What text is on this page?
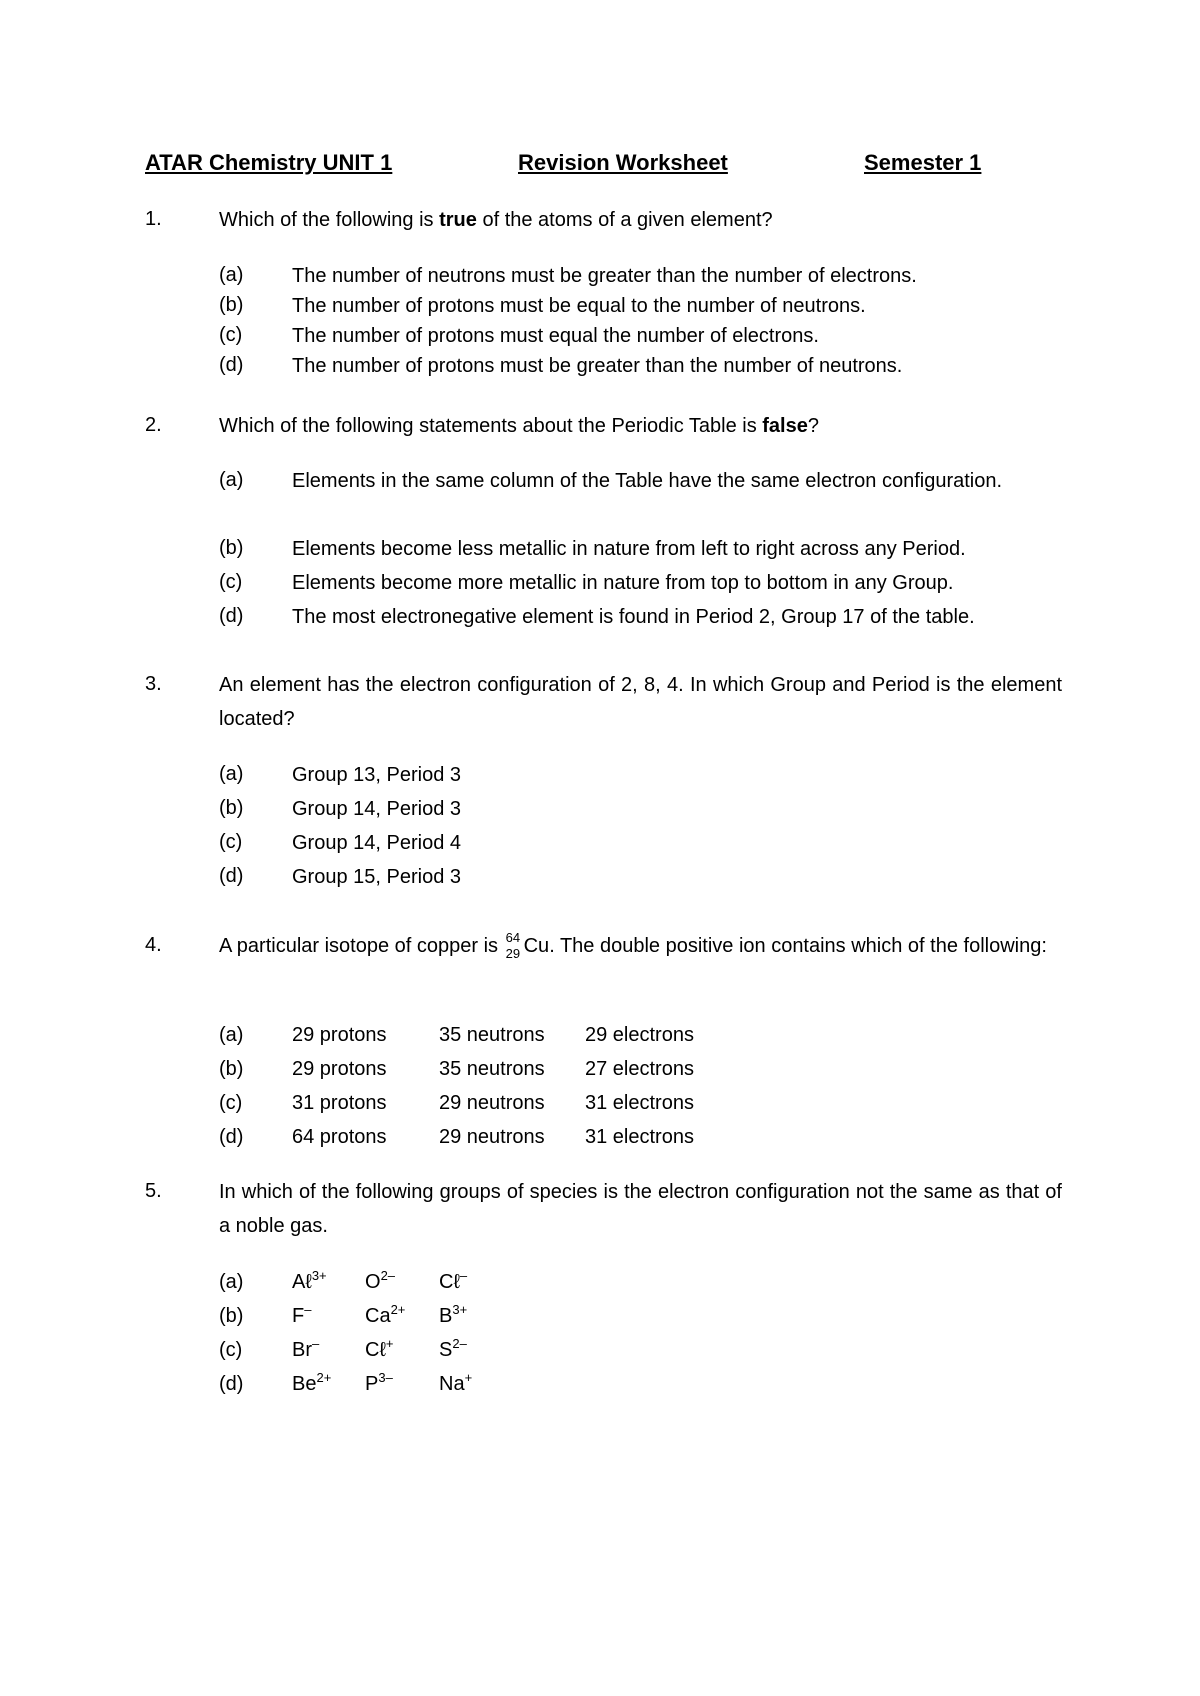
ATAR Chemistry UNIT 1	Revision Worksheet	Semester 1
1.	Which of the following is true of the atoms of a given element?
(a) The number of neutrons must be greater than the number of electrons.
(b) The number of protons must be equal to the number of neutrons.
(c) The number of protons must equal the number of electrons.
(d) The number of protons must be greater than the number of neutrons.
2.	Which of the following statements about the Periodic Table is false?
(a) Elements in the same column of the Table have the same electron configuration.
(b) Elements become less metallic in nature from left to right across any Period.
(c) Elements become more metallic in nature from top to bottom in any Group.
(d) The most electronegative element is found in Period 2, Group 17 of the table.
3.	An element has the electron configuration of 2, 8, 4. In which Group and Period is the element located?
(a) Group 13, Period 3
(b) Group 14, Period 3
(c) Group 14, Period 4
(d) Group 15, Period 3
4.	A particular isotope of copper is 64
29 Cu. The double positive ion contains which of the following:
(a) 29 protons	35 neutrons 29 electrons
(b) 29 protons	35 neutrons 27 electrons
(c) 31 protons	29 neutrons 31 electrons
(d) 64 protons	29 neutrons 31 electrons
5.	In which of the following groups of species is the electron configuration not the same as that of a noble gas.
(a) Aℓ$^{3+}$ $O^{2-}$ Cℓ–
(b) F–	$Ca^{2+}$ $B^{3+}$
(c) Br– Cℓ+ $S^{2-}$
(d) $Be^{2+}$ $P^{3-}$ Na+
